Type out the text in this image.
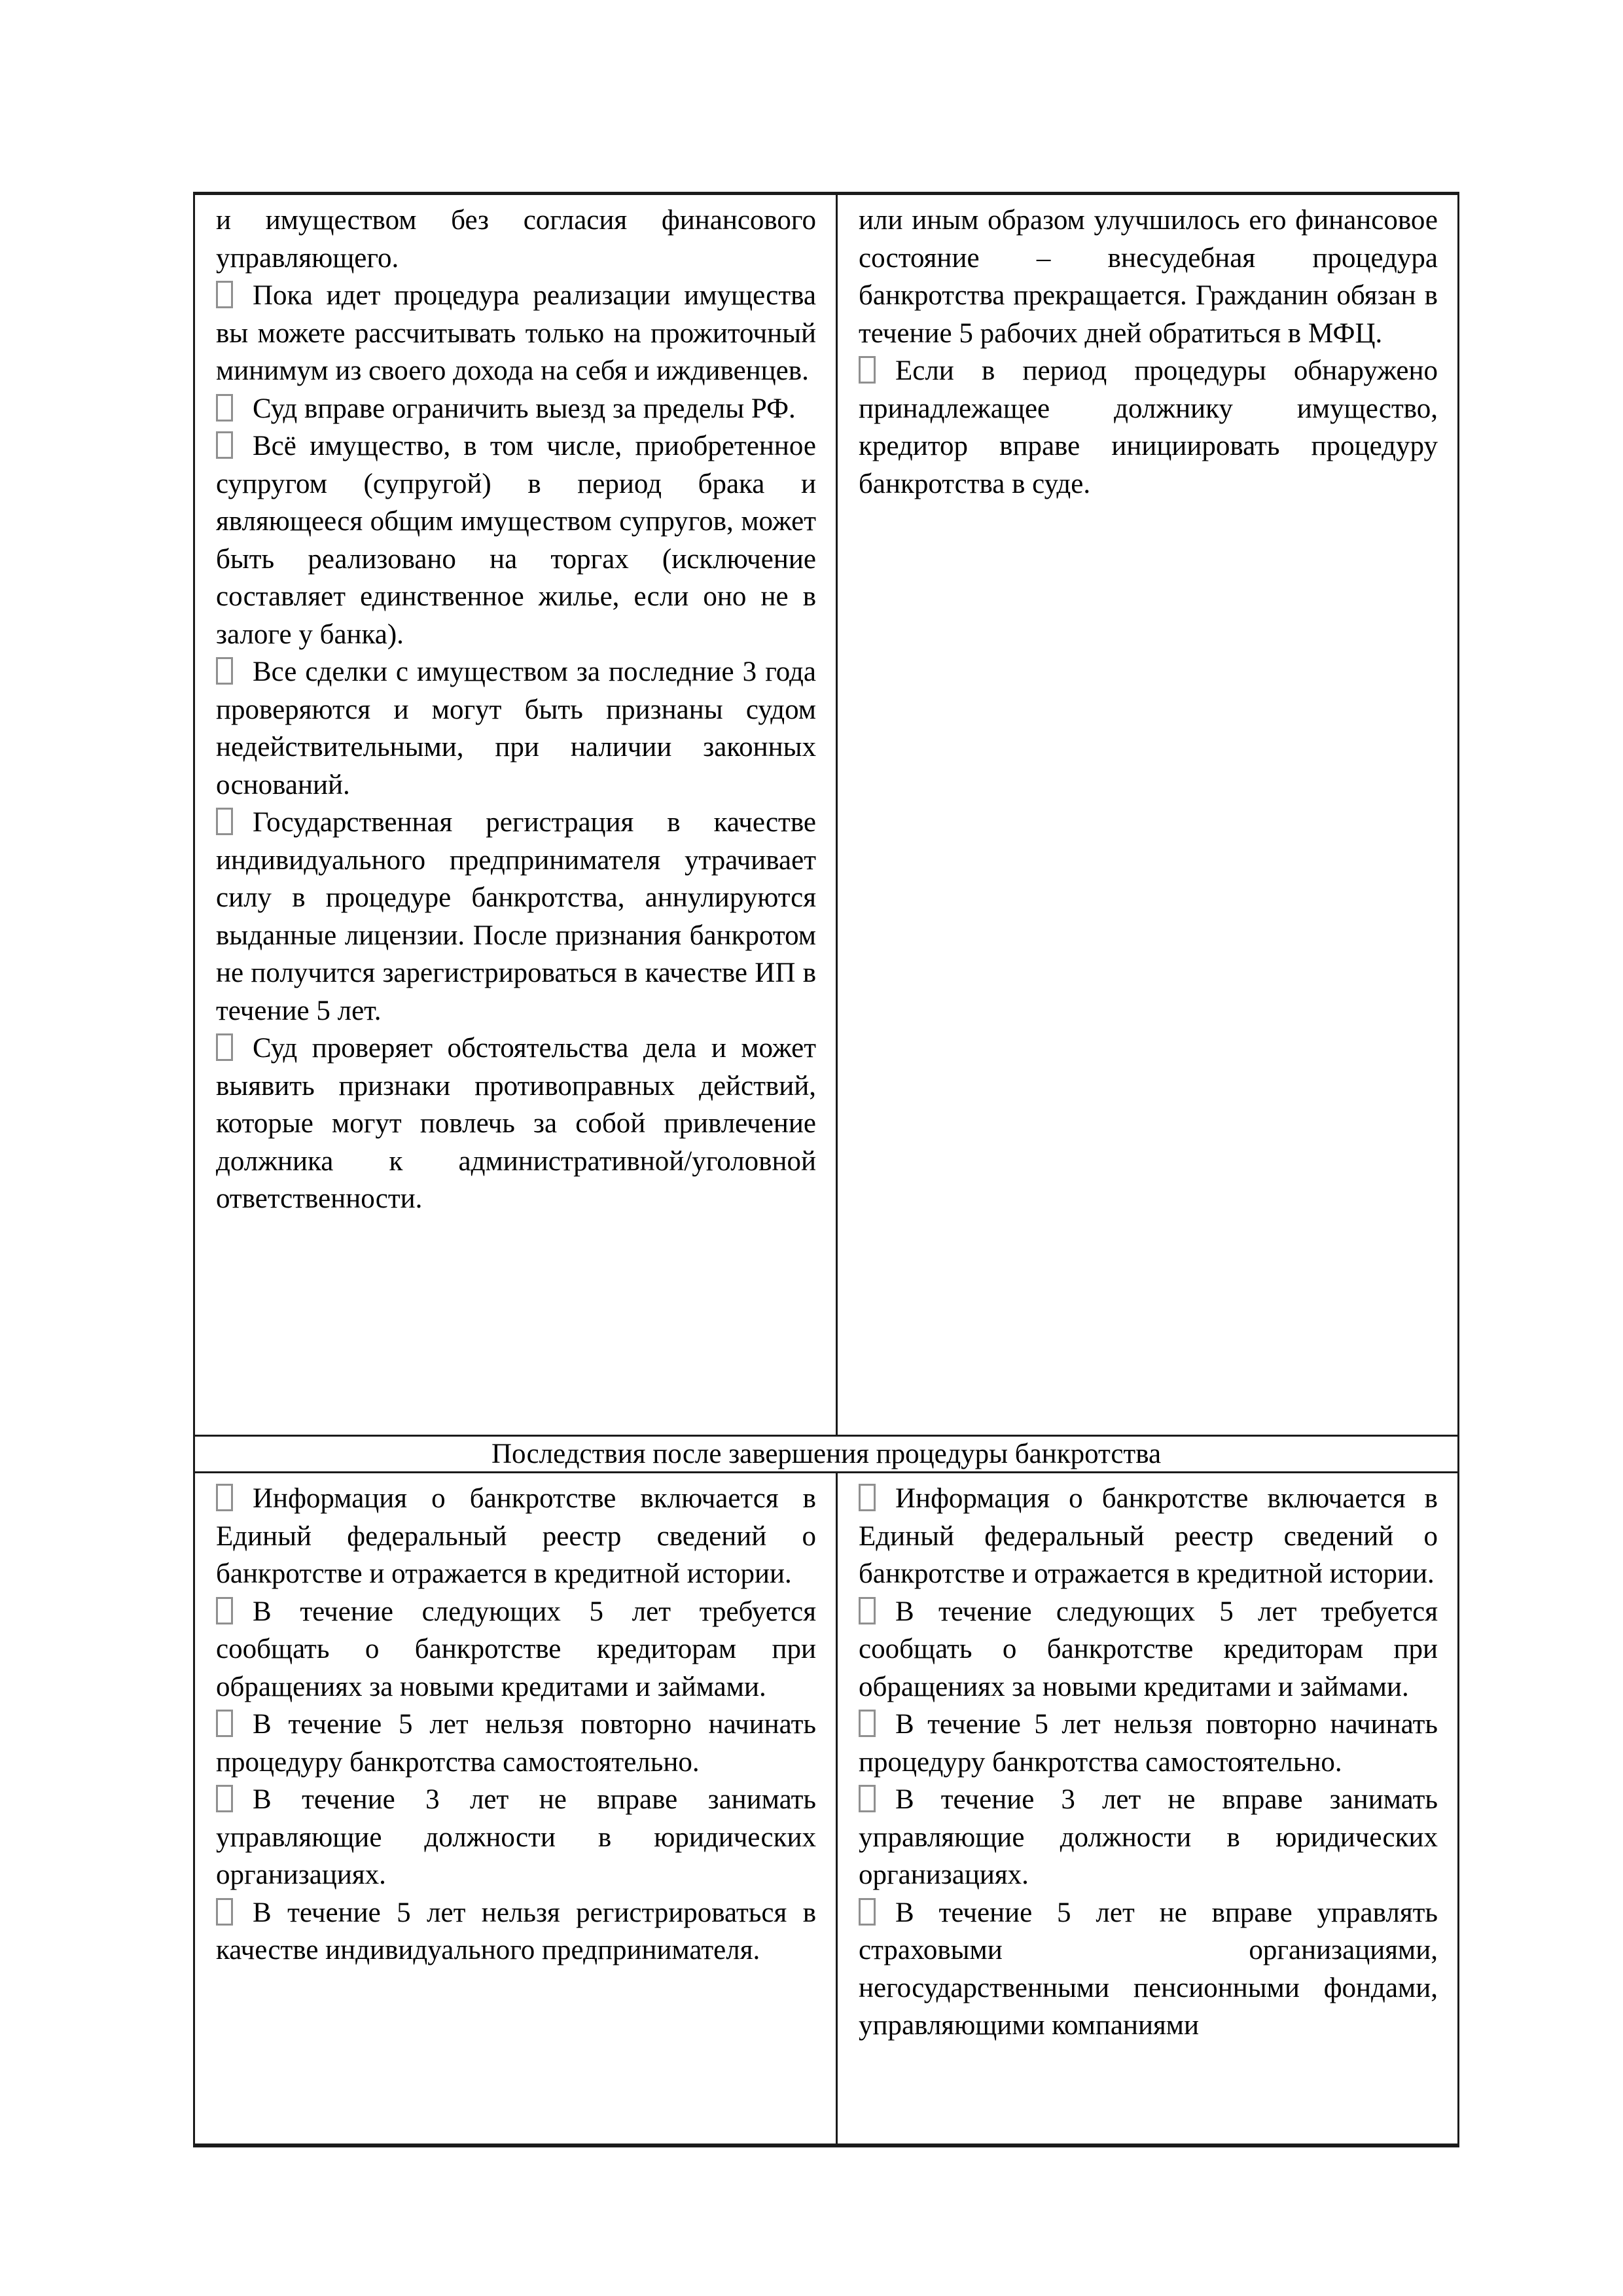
и имуществом без согласия финансового управляющего.

Пока идет процедура реализации имущества вы можете рассчитывать только на прожиточный минимум из своего дохода на себя и иждивенцев.

Суд вправе ограничить выезд за пределы РФ.

Всё имущество, в том числе, приобретенное супругом (супругой) в период брака и являющееся общим имуществом супругов, может быть реализовано на торгах (исключение составляет единственное жилье, если оно не в залоге у банка).

Все сделки с имуществом за последние 3 года проверяются и могут быть признаны судом недействительными, при наличии законных оснований.

Государственная регистрация в качестве индивидуального предпринимателя утрачивает силу в процедуре банкротства, аннулируются выданные лицензии. После признания банкротом не получится зарегистрироваться в качестве ИП в течение 5 лет.

Суд проверяет обстоятельства дела и может выявить признаки противоправных действий, которые могут повлечь за собой привлечение должника к административной/уголовной ответственности.

или иным образом улучшилось его финансовое состояние – внесудебная процедура банкротства прекращается. Гражданин обязан в течение 5 рабочих дней обратиться в МФЦ.

Если в период процедуры обнаружено принадлежащее должнику имущество, кредитор вправе инициировать процедуру банкротства в суде.

Последствия после завершения процедуры банкротства

Информация о банкротстве включается в Единый федеральный реестр сведений о банкротстве и отражается в кредитной истории.

В течение следующих 5 лет требуется сообщать о банкротстве кредиторам при обращениях за новыми кредитами и займами.

В течение 5 лет нельзя повторно начинать процедуру банкротства самостоятельно.

В течение 3 лет не вправе занимать управляющие должности в юридических организациях.

В течение 5 лет нельзя регистрироваться в качестве индивидуального предпринимателя.

Информация о банкротстве включается в Единый федеральный реестр сведений о банкротстве и отражается в кредитной истории.

В течение следующих 5 лет требуется сообщать о банкротстве кредиторам при обращениях за новыми кредитами и займами.

В течение 5 лет нельзя повторно начинать процедуру банкротства самостоятельно.

В течение 3 лет не вправе занимать управляющие должности в юридических организациях.

В течение 5 лет не вправе управлять страховыми организациями, негосударственными пенсионными фондами, управляющими компаниями
